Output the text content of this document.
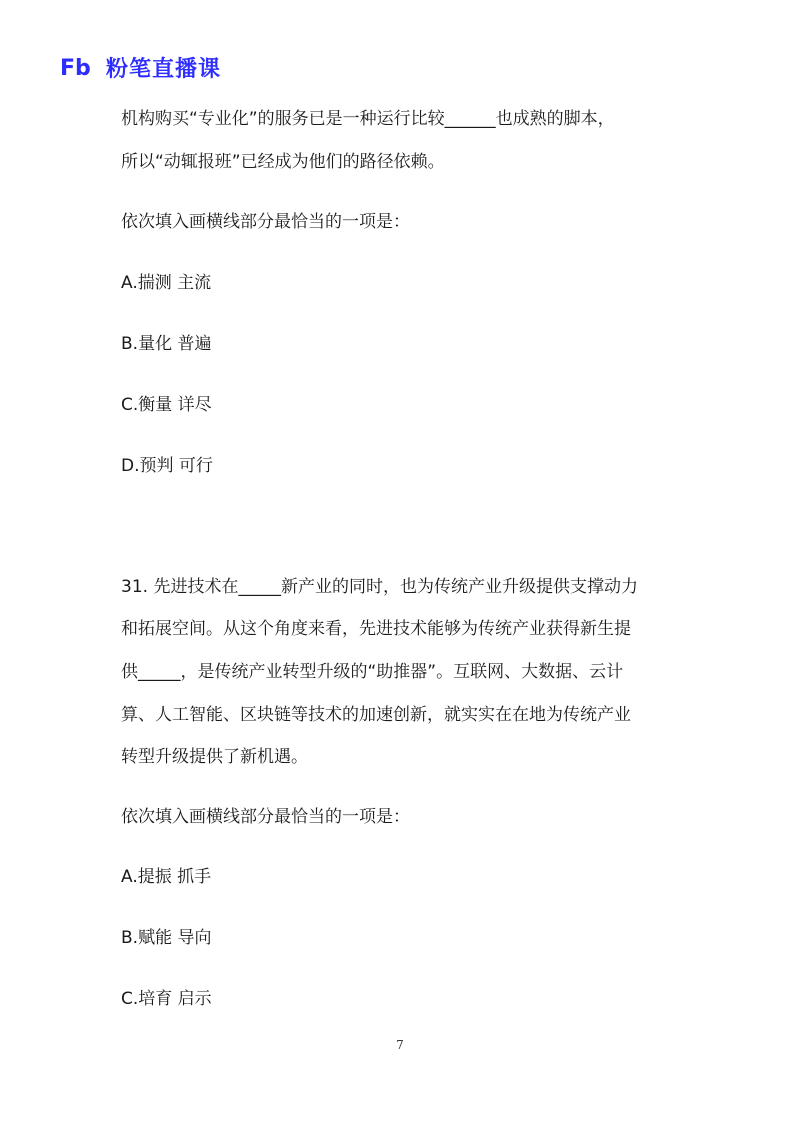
Fb 粉笔直播课

机构购买“专业化”的服务已是一种运行比较______也成熟的脚本，

所以“动辄报班”已经成为他们的路径依赖。

依次填入画横线部分最恰当的一项是：

A.揣测 主流

B.量化 普遍

C.衡量 详尽

D.预判 可行

31. 先进技术在_____新产业的同时，也为传统产业升级提供支撑动力

和拓展空间。从这个角度来看，先进技术能够为传统产业获得新生提

供_____，是传统产业转型升级的“助推器”。互联网、大数据、云计

算、人工智能、区块链等技术的加速创新，就实实在在地为传统产业

转型升级提供了新机遇。

依次填入画横线部分最恰当的一项是：

A.提振 抓手

B.赋能 导向

C.培育 启示

7
